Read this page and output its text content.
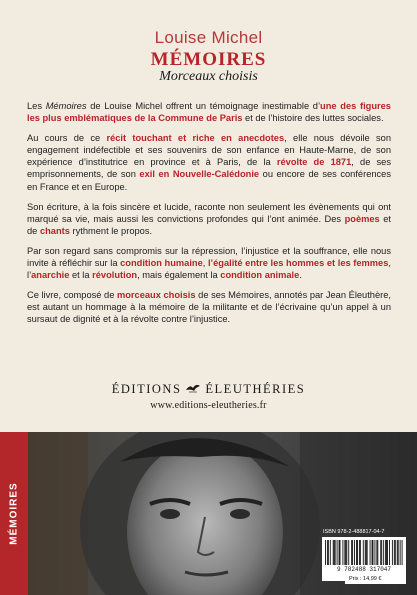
Louise Michel
MÉMOIRES
Morceaux choisis

Les Mémoires de Louise Michel offrent un témoignage inestimable d’une des figures les plus emblématiques de la Commune de Paris et de l’histoire des luttes sociales.

Au cours de ce récit touchant et riche en anecdotes, elle nous dévoile son engagement indéfectible et ses souvenirs de son enfance en Haute-Marne, de son expérience d’institutrice en province et à Paris, de la révolte de 1871, de ses emprisonnements, de son exil en Nouvelle-Calédonie ou encore de ses conférences en France et en Europe.

Son écriture, à la fois sincère et lucide, raconte non seulement les évènements qui ont marqué sa vie, mais aussi les convictions profondes qui l’ont animée. Des poèmes et de chants rythment le propos.

Par son regard sans compromis sur la répression, l’injustice et la souffrance, elle nous invite à réfléchir sur la condition humaine, l’égalité entre les hommes et les femmes, l’anarchie et la révolution, mais également la condition animale.

Ce livre, composé de morceaux choisis de ses Mémoires, annotés par Jean Éleuthère, est autant un hommage à la mémoire de la militante et de l’écrivaine qu’un appel à un sursaut de dignité et à la révolte contre l’injustice.

ÉDITIONS ÉLEUTHÉRIES
www.editions-eleutheries.fr
MÉMOIRES	ISBN 978-2-488817-04-7
9 782488 317047
Prix : 14,99 €
